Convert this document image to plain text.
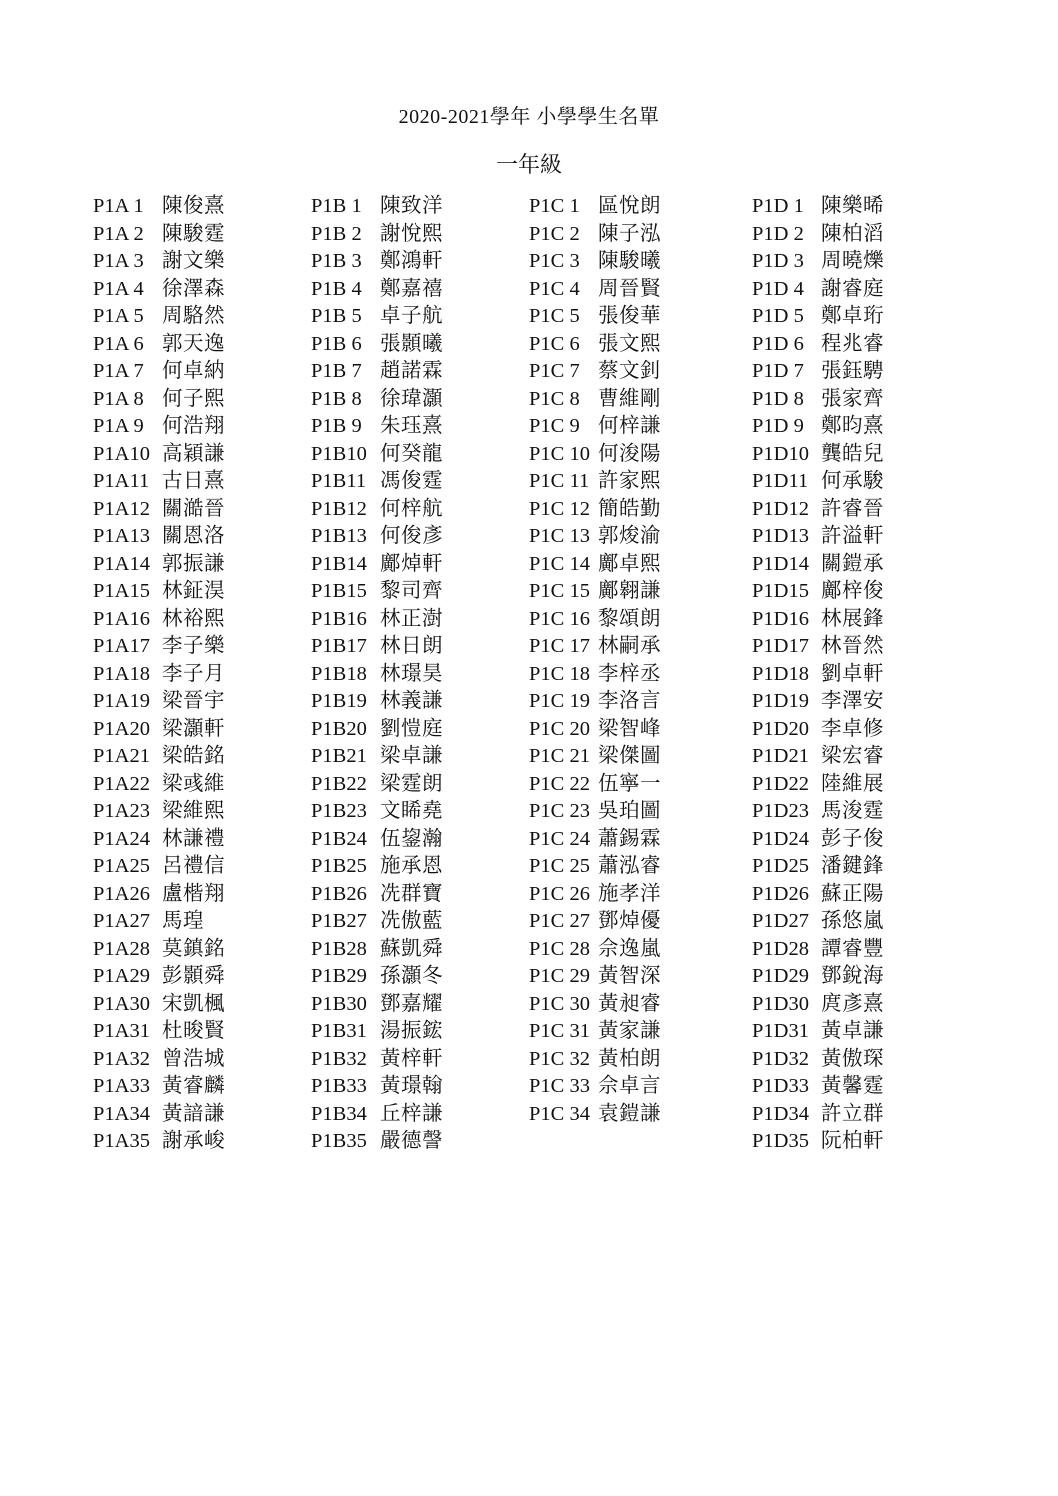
2020-2021學年 小學學生名單
一年級
P1A 1 陳俊熹
P1A 2 陳駿霆
P1A 3 謝文樂
P1A 4 徐澤森
P1A 5 周駱然
P1A 6 郭天逸
P1A 7 何卓納
P1A 8 何子熙
P1A 9 何浩翔
P1A10 高穎謙
P1A11 古日熹
P1A12 關澔晉
P1A13 關恩洛
P1A14 郭振謙
P1A15 林鉦淏
P1A16 林裕熙
P1A17 李子樂
P1A18 李子月
P1A19 梁晉宇
P1A20 梁灝軒
P1A21 梁皓銘
P1A22 梁彧維
P1A23 梁維熙
P1A24 林謙禮
P1A25 呂禮信
P1A26 盧楷翔
P1A27 馬瑝
P1A28 莫鎮銘
P1A29 彭顥舜
P1A30 宋凱楓
P1A31 杜晙賢
P1A32 曾浩城
P1A33 黃睿麟
P1A34 黃諳謙
P1A35 謝承峻
P1B 1 陳致洋
P1B 2 謝悅熙
P1B 3 鄭鴻軒
P1B 4 鄭嘉禧
P1B 5 卓子航
P1B 6 張顥曦
P1B 7 趙諾霖
P1B 8 徐瑋灝
P1B 9 朱珏熹
P1B10 何癸龍
P1B11 馮俊霆
P1B12 何梓航
P1B13 何俊彥
P1B14 鄺焯軒
P1B15 黎司齊
P1B16 林正澍
P1B17 林日朗
P1B18 林璟昊
P1B19 林義謙
P1B20 劉愷庭
P1B21 梁卓謙
P1B22 梁霆朗
P1B23 文睎堯
P1B24 伍鋆瀚
P1B25 施承恩
P1B26 冼群寶
P1B27 冼傲藍
P1B28 蘇凱舜
P1B29 孫灝冬
P1B30 鄧嘉耀
P1B31 湯振鋐
P1B32 黃梓軒
P1B33 黃璟翰
P1B34 丘梓謙
P1B35 嚴德謦
P1C 1 區悅朗
P1C 2 陳子泓
P1C 3 陳駿曦
P1C 4 周晉賢
P1C 5 張俊華
P1C 6 張文熙
P1C 7 蔡文釗
P1C 8 曹維剛
P1C 9 何梓謙
P1C 10 何浚陽
P1C 11 許家熙
P1C 12 簡皓勤
P1C 13 郭焌渝
P1C 14 鄺卓熙
P1C 15 鄺翱謙
P1C 16 黎頌朗
P1C 17 林嗣承
P1C 18 李梓丞
P1C 19 李洛言
P1C 20 梁智峰
P1C 21 梁傑圖
P1C 22 伍寧一
P1C 23 吳珀圖
P1C 24 蕭錫霖
P1C 25 蕭泓睿
P1C 26 施孝洋
P1C 27 鄧焯優
P1C 28 佘逸嵐
P1C 29 黃智深
P1C 30 黃昶睿
P1C 31 黃家謙
P1C 32 黃柏朗
P1C 33 佘卓言
P1C 34 袁鎧謙
P1D 1 陳樂晞
P1D 2 陳柏滔
P1D 3 周曉爍
P1D 4 謝睿庭
P1D 5 鄭卓珩
P1D 6 程兆睿
P1D 7 張鈺騁
P1D 8 張家齊
P1D 9 鄭昀熹
P1D10 龔皓兒
P1D11 何承駿
P1D12 許睿晉
P1D13 許溢軒
P1D14 關鎧承
P1D15 鄺梓俊
P1D16 林展鋒
P1D17 林晉然
P1D18 劉卓軒
P1D19 李澤安
P1D20 李卓修
P1D21 梁宏睿
P1D22 陸維展
P1D23 馬浚霆
P1D24 彭子俊
P1D25 潘鍵鋒
P1D26 蘇正陽
P1D27 孫悠嵐
P1D28 譚睿豐
P1D29 鄧銳海
P1D30 庹彥熹
P1D31 黃卓謙
P1D32 黃傲琛
P1D33 黃馨霆
P1D34 許立群
P1D35 阮柏軒
